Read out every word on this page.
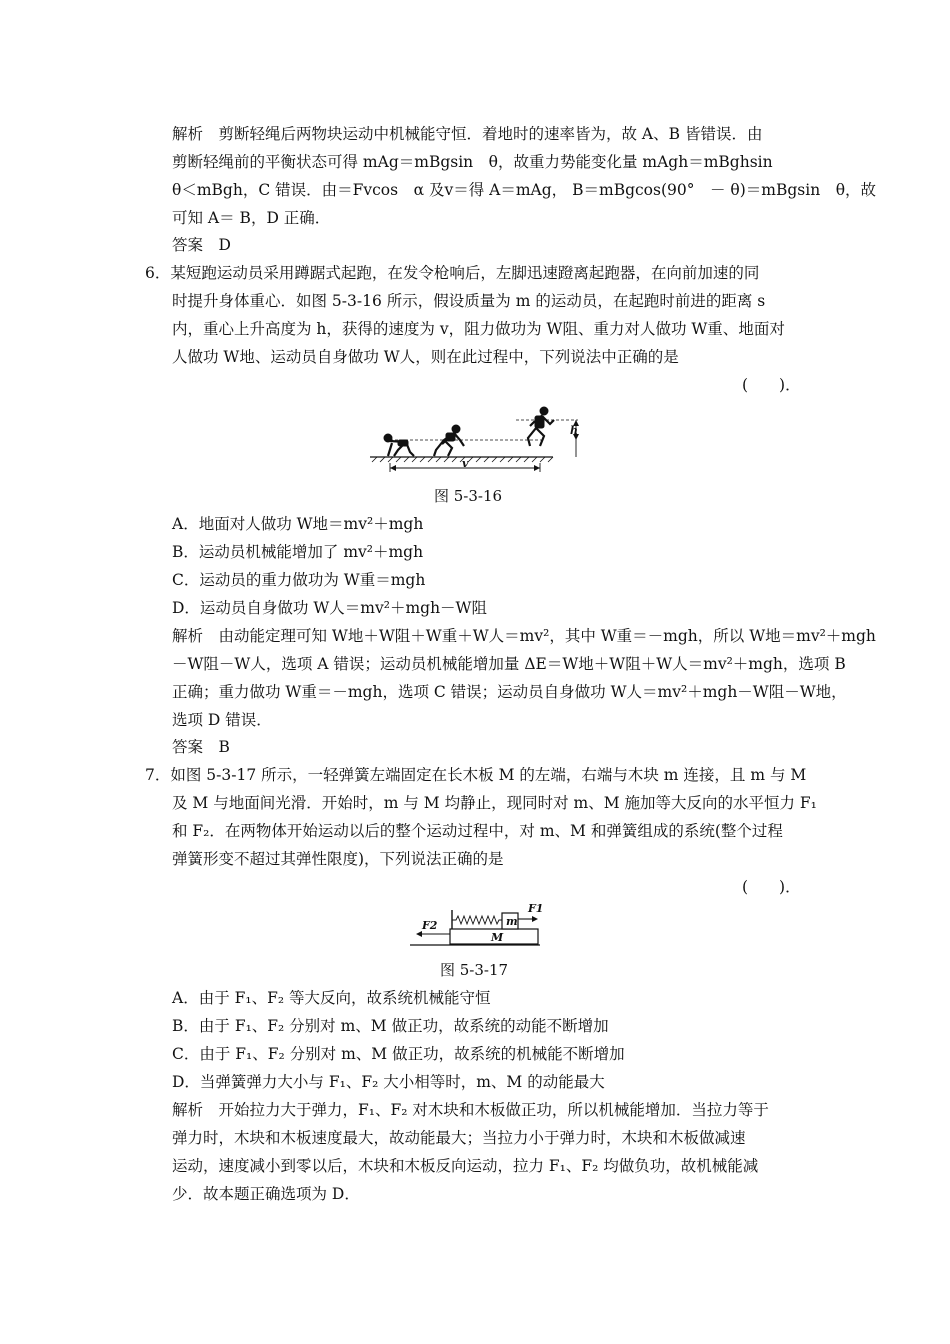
解析　剪断轻绳后两物块运动中机械能守恒．着地时的速率皆为，故 A、B 皆错误．由
剪断轻绳前的平衡状态可得 mAg＝mBgsin　θ，故重力势能变化量 mAgh＝mBghsin
θ＜mBgh，C 错误．由＝Fvcos　α 及v＝得 A＝mAg， B＝mBgcos(90°　－ θ)＝mBgsin　θ，故
可知 A＝ B，D 正确．
答案　D
6．某短跑运动员采用蹲踞式起跑，在发令枪响后，左脚迅速蹬离起跑器，在向前加速的同
时提升身体重心．如图 5-3-16 所示，假设质量为 m 的运动员，在起跑时前进的距离 s
内，重心上升高度为 h，获得的速度为 v，阻力做功为 W阻、重力对人做功 W重、地面对
人做功 W地、运动员自身做功 W人，则在此过程中，下列说法中正确的是
(　　)．
h
v
图 5-3-16
A．地面对人做功 W地＝mv²＋mgh
B．运动员机械能增加了 mv²＋mgh
C．运动员的重力做功为 W重＝mgh
D．运动员自身做功 W人＝mv²＋mgh－W阻
解析　由动能定理可知 W地＋W阻＋W重＋W人＝mv²，其中 W重＝－mgh，所以 W地＝mv²＋mgh
－W阻－W人，选项 A 错误；运动员机械能增加量 ΔE＝W地＋W阻＋W人＝mv²＋mgh，选项 B
正确；重力做功 W重＝－mgh，选项 C 错误；运动员自身做功 W人＝mv²＋mgh－W阻－W地，
选项 D 错误．
答案　B
7．如图 5-3-17 所示，一轻弹簧左端固定在长木板 M 的左端，右端与木块 m 连接，且 m 与 M
及 M 与地面间光滑．开始时，m 与 M 均静止，现同时对 m、M 施加等大反向的水平恒力 F₁
和 F₂．在两物体开始运动以后的整个运动过程中，对 m、M 和弹簧组成的系统(整个过程
弹簧形变不超过其弹性限度)，下列说法正确的是
(　　)．
M
m
F1
F2
图 5-3-17
A．由于 F₁、F₂ 等大反向，故系统机械能守恒
B．由于 F₁、F₂ 分别对 m、M 做正功，故系统的动能不断增加
C．由于 F₁、F₂ 分别对 m、M 做正功，故系统的机械能不断增加
D．当弹簧弹力大小与 F₁、F₂ 大小相等时，m、M 的动能最大
解析　开始拉力大于弹力，F₁、F₂ 对木块和木板做正功，所以机械能增加．当拉力等于
弹力时，木块和木板速度最大，故动能最大；当拉力小于弹力时，木块和木板做减速
运动，速度减小到零以后，木块和木板反向运动，拉力 F₁、F₂ 均做负功，故机械能减
少．故本题正确选项为 D．
